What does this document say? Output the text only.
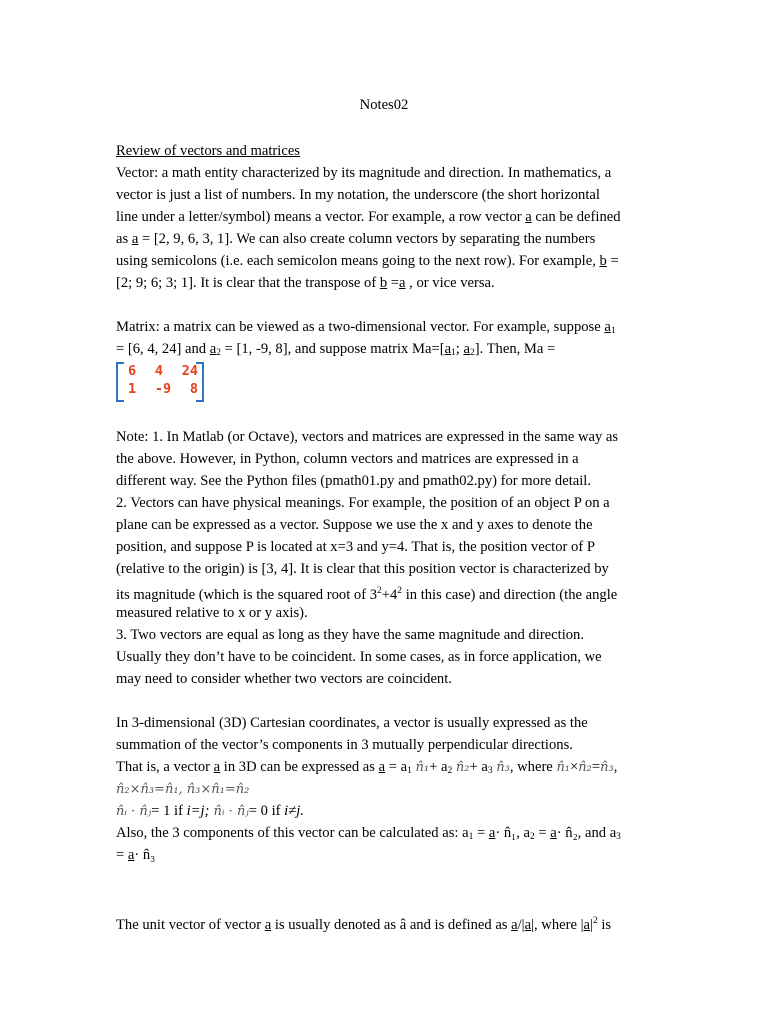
Notes02
Review of vectors and matrices
Vector: a math entity characterized by its magnitude and direction. In mathematics, a
vector is just a list of numbers. In my notation, the underscore (the short horizontal
line under a letter/symbol) means a vector. For example, a row vector a can be defined
as a = [2, 9, 6, 3, 1]. We can also create column vectors by separating the numbers
using semicolons (i.e. each semicolon means going to the next row). For example, b =
[2; 9; 6; 3; 1]. It is clear that the transpose of b =a , or vice versa.
Matrix: a matrix can be viewed as a two-dimensional vector. For example, suppose $a_1$
= [6, 4, 24] and $a_2 = [1$, -9, 8], and suppose matrix $Ma=[a_1$; $a_2$]. Then, Ma =
6 4 24
1 -9 8
Note: 1. In Matlab (or Octave), vectors and matrices are expressed in the same way as
the above. However, in Python, column vectors and matrices are expressed in a
different way. See the Python files (pmath01.py and pmath02.py) for more detail.
2. Vectors can have physical meanings. For example, the position of an object P on a
plane can be expressed as a vector. Suppose we use the x and y axes to denote the
position, and suppose P is located at x=3 and y=4. That is, the position vector of P
(relative to the origin) is [3, 4]. It is clear that this position vector is characterized by
its magnitude (which is the squared root of $3^2+4^2$ in this case) and direction (the angle
measured relative to x or y axis).
3. Two vectors are equal as long as they have the same magnitude and direction.
Usually they don’t have to be coincident. In some cases, as in force application, we
may need to consider whether two vectors are coincident.
In 3-dimensional (3D) Cartesian coordinates, a vector is usually expressed as the
summation of the vector’s components in 3 mutually perpendicular directions.
That is, a vector a in 3D can be expressed as $a = a_1$ n̂₁+ $a_2$ n̂₂+ $a_3$ n̂₃, where n̂₁×n̂₂=n̂₃,
n̂₂×n̂₃=n̂₁, n̂₃×n̂₁=n̂₂
n̂ᵢ · n̂ⱼ= 1 if i=j; n̂ᵢ · n̂ⱼ= 0 if i≠j.
Also, the 3 components of this vector can be calculated as: $a_1 = a\cdot$ n̂₁, $a_2 = a\cdot$ n̂₂, and $a_3$
= a· n̂₃
The unit vector of vector a is usually denoted as â and is defined as a/|a|, where $|a|^2$ is
